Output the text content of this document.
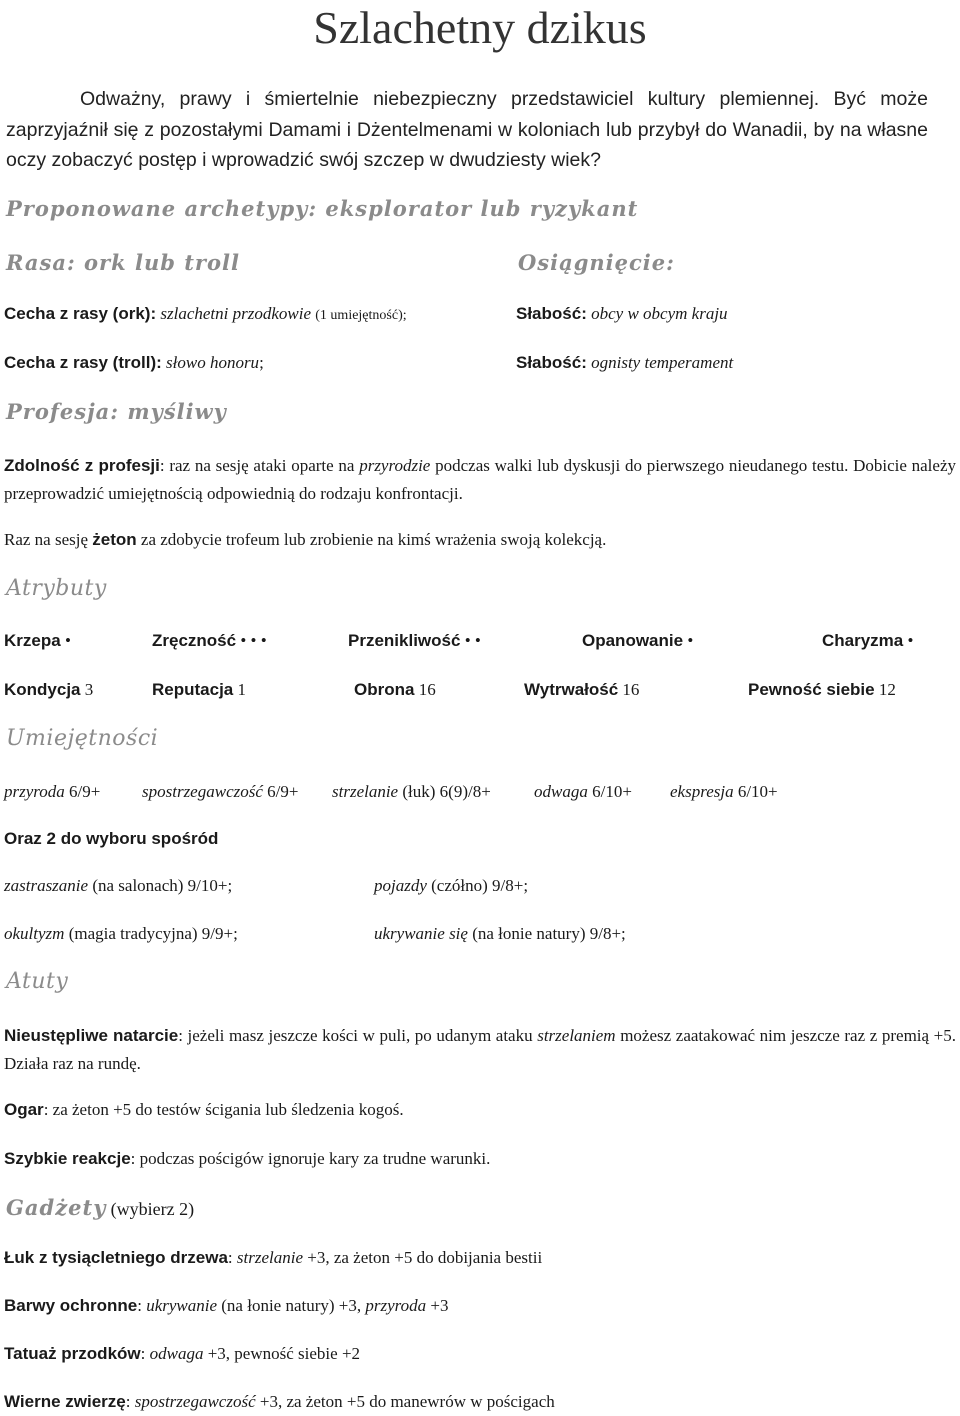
Szlachetny dzikus
Odważny, prawy i śmiertelnie niebezpieczny przedstawiciel kultury plemiennej. Być może zaprzyjaźnił się z pozostałymi Damami i Dżentelmenami w koloniach lub przybył do Wanadii, by na własne oczy zobaczyć postęp i wprowadzić swój szczep w dwudziesty wiek?
Proponowane archetypy: eksplorator lub ryzykant
Rasa: ork lub troll	Osiągnięcie:
Cecha z rasy (ork): szlachetni przodkowie (1 umiejętność);	Słabość: obcy w obcym kraju
Cecha z rasy (troll): słowo honoru;	Słabość: ognisty temperament
Profesja: myśliwy
Zdolność z profesji: raz na sesję ataki oparte na przyrodzie podczas walki lub dyskusji do pierwszego nieudanego testu. Dobicie należy przeprowadzić umiejętnością odpowiednią do rodzaju konfrontacji.
Raz na sesję żeton za zdobycie trofeum lub zrobienie na kimś wrażenia swoją kolekcją.
Atrybuty
Krzepa •	Zręczność • • •	Przenikliwość • •	Opanowanie •	Charyzma •
Kondycja 3	Reputacja 1	Obrona 16	Wytrwałość 16	Pewność siebie 12
Umiejętności
przyroda 6/9+ spostrzegawczość 6/9+ strzelanie (łuk) 6(9)/8+	odwaga 6/10+ ekspresja 6/10+
Oraz 2 do wyboru spośród
zastraszanie (na salonach) 9/10+;	pojazdy (czółno) 9/8+;
okultyzm (magia tradycyjna) 9/9+;	ukrywanie się (na łonie natury) 9/8+;
Atuty
Nieustępliwe natarcie: jeżeli masz jeszcze kości w puli, po udanym ataku strzelaniem możesz zaatakować nim jeszcze raz z premią +5. Działa raz na rundę.
Ogar: za żeton +5 do testów ścigania lub śledzenia kogoś.
Szybkie reakcje: podczas pościgów ignoruje kary za trudne warunki.
Gadżety (wybierz 2)
Łuk z tysiącletniego drzewa: strzelanie +3, za żeton +5 do dobijania bestii
Barwy ochronne: ukrywanie (na łonie natury) +3, przyroda +3
Tatuaż przodków: odwaga +3, pewność siebie +2
Wierne zwierzę: spostrzegawczość +3, za żeton +5 do manewrów w pościgach
